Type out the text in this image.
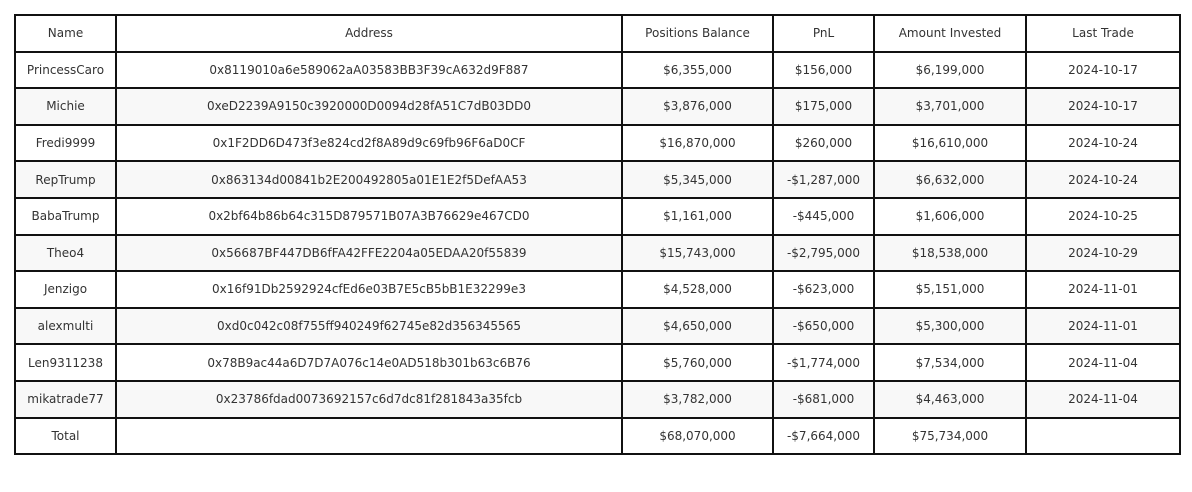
Name	Address	Positions Balance	PnL	Amount Invested	Last Trade
PrincessCaro	0x8119010a6e589062aA03583BB3F39cA632d9F887	$6,355,000	$156,000	$6,199,000	2024-10-17
Michie	0xeD2239A9150c3920000D0094d28fA51C7dB03DD0	$3,876,000	$175,000	$3,701,000	2024-10-17
Fredi9999	0x1F2DD6D473f3e824cd2f8A89d9c69fb96F6aD0CF	$16,870,000	$260,000	$16,610,000	2024-10-24
RepTrump	0x863134d00841b2E200492805a01E1E2f5DefAA53	$5,345,000	-$1,287,000	$6,632,000	2024-10-24
BabaTrump	0x2bf64b86b64c315D879571B07A3B76629e467CD0	$1,161,000	-$445,000	$1,606,000	2024-10-25
Theo4	0x56687BF447DB6fFA42FFE2204a05EDAA20f55839	$15,743,000	-$2,795,000	$18,538,000	2024-10-29
Jenzigo	0x16f91Db2592924cfEd6e03B7E5cB5bB1E32299e3	$4,528,000	-$623,000	$5,151,000	2024-11-01
alexmulti	0xd0c042c08f755ff940249f62745e82d356345565	$4,650,000	-$650,000	$5,300,000	2024-11-01
Len9311238	0x78B9ac44a6D7D7A076c14e0AD518b301b63c6B76	$5,760,000	-$1,774,000	$7,534,000	2024-11-04
mikatrade77	0x23786fdad0073692157c6d7dc81f281843a35fcb	$3,782,000	-$681,000	$4,463,000	2024-11-04
Total		$68,070,000	-$7,664,000	$75,734,000	
